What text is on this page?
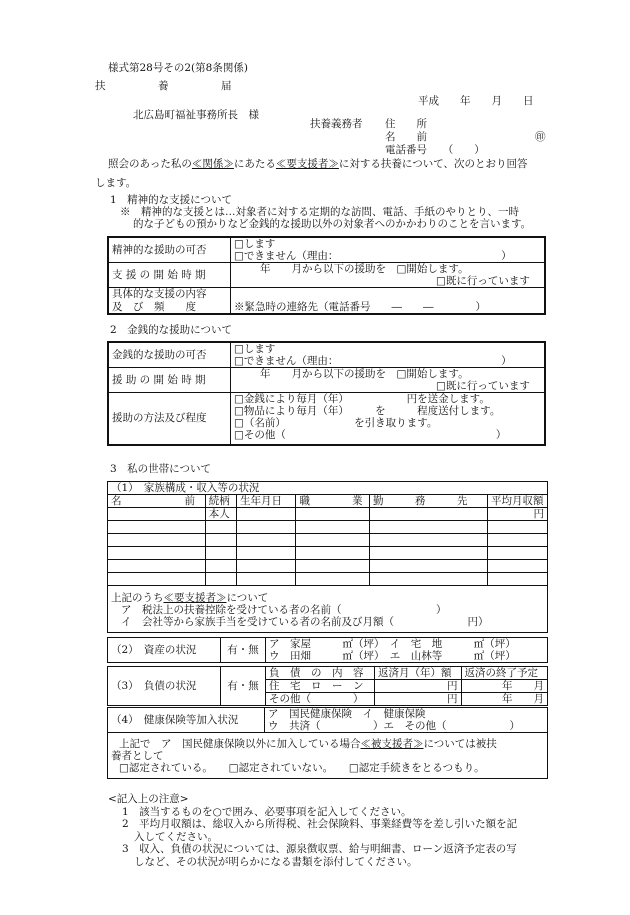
様式第28号その2(第8条関係)
扶　　　　　養　　　　　届
平成　　年　　月　　日
北広島町福祉事務所長　様
扶養義務者 住　　所
名　　前	㊞
電話番号　　（　　）
照会のあった私の≪関係≫にあたる≪要支援者≫に対する扶養について、次のとおり回答
します。
1　精神的な支援について
※　精神的な支援とは…対象者に対する定期的な訪問、電話、手紙のやりとり、一時
的な子どもの預かりなど金銭的な援助以外の対象者へのかかわりのことを言います。
精神的な援助の可否	□します
□できません（理由：　　　　　　　　　　　　　　　　）

支 援 の 開 始 時 期	年　　月から以下の援助を　□開始します。
□既に行っています

具体的な支援の内容
及　び　頻　　度	※緊急時の連絡先（電話番号　　―　　―　　　　）
2　金銭的な援助について
金銭的な援助の可否	□します
□できません（理由：　　　　　　　　　　　　　　　　）

援 助 の 開 始 時 期	年　　月から以下の援助を　□開始します。
□既に行っています

援助の方法及び程度	□金銭により毎月（年）　　　　　　円を送金します。
□物品により毎月（年）　　　を　　　程度送付します。
□（名前）　　　　　　　を引き取ります。
□その他（　　　　　　　　　　　　　　　　　　　　）
3　私の世帯について
（1）　家族構成・収入等の状況					
名　　　　　　前	続柄	生年月日	職　　　　業	勤　　　務　　　先	平均月収額
	本人				円

上記のうち≪要支援者≫について
ア　税法上の扶養控除を受けている者の名前（　　　　　　　　　）
イ　会社等から家族手当を受けている者の名前及び月額（　　　　　　　円）					
（2）　資産の状況	有・無	
ア　家屋　　　㎡（坪）　イ　宅　地　　　㎡（坪）
ウ　田畑　　　㎡（坪）　エ　山林等　　　㎡（坪）
（3）　負債の状況	有・無	負　債　の　内　容	返済月（年）額	返済の終了予定
		住　宅　ロ　ー　ン	円	年　　月
		その他（　　　　）	円	年　　月
（4）　健康保険等加入状況	
ア　国民健康保険　イ　健康保険
ウ　共済（　　　　　）エ　その他（　　　　　　）

上記で　ア　国民健康保険以外に加入している場合≪被支援者≫については被扶
養者として
□認定されている。　　□認定されていない。　　□認定手続きをとるつもり。
<記入上の注意>
1　該当するものを○で囲み、必要事項を記入してください。
2　平均月収額は、総収入から所得税、社会保険料、事業経費等を差し引いた額を記
入してください。
3　収入、負債の状況については、源泉徴収票、給与明細書、ローン返済予定表の写
しなど、その状況が明らかになる書類を添付してください。
